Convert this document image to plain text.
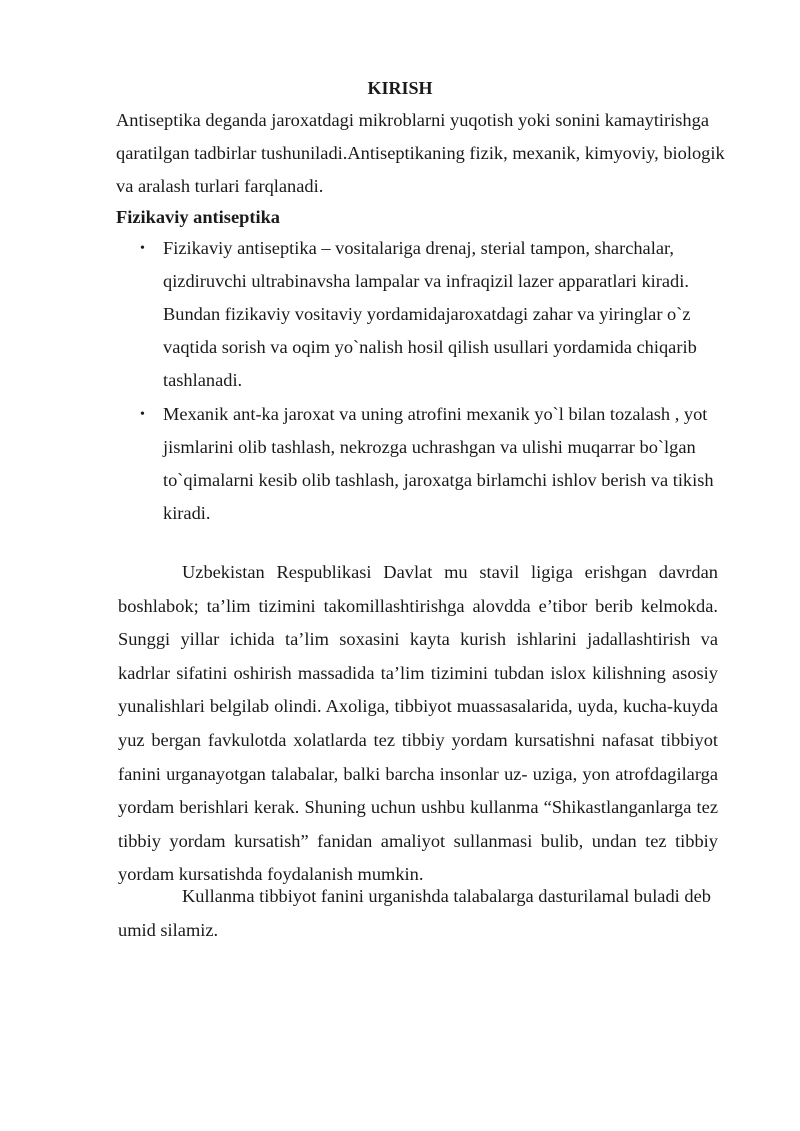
KIRISH

Antiseptika deganda jaroxatdagi mikroblarni yuqotish yoki sonini kamaytirishga qaratilgan tadbirlar tushuniladi.Antiseptikaning fizik, mexanik, kimyoviy, biologik va aralash turlari farqlanadi.

Fizikaviy antiseptika

• Fizikaviy antiseptika – vositalariga drenaj, sterial tampon, sharchalar, qizdiruvchi ultrabinavsha lampalar va infraqizil lazer apparatlari kiradi. Bundan fizikaviy vositaviy yordamidajaroxatdagi zahar va yiringlar o`z vaqtida sorish va oqim yo`nalish hosil qilish usullari yordamida chiqarib tashlanadi.
• Mexanik ant-ka jaroxat va uning atrofini mexanik yo`l bilan tozalash , yot jismlarini olib tashlash, nekrozga uchrashgan va ulishi muqarrar bo`lgan to`qimalarni kesib olib tashlash, jaroxatga birlamchi ishlov berish va tikish kiradi.

Uzbekistan Respublikasi Davlat mu stavil ligiga erishgan davrdan boshlabok; ta’lim tizimini takomillashtirishga alovdda e’tibor berib kelmokda. Sunggi yillar ichida ta’lim soxasini kayta kurish ishlarini jadallashtirish va kadrlar sifatini oshirish massadida ta’lim tizimini tubdan islox kilishning asosiy yunalishlari belgilab olindi. Axoliga, tibbiyot muassasalarida, uyda, kucha-kuyda yuz bergan favkulotda xolatlarda tez tibbiy yordam kursatishni nafasat tibbiyot fanini urganayotgan talabalar, balki barcha insonlar uz- uziga, yon atrofdagilarga yordam berishlari kerak. Shuning uchun ushbu kullanma “Shikastlanganlarga tez tibbiy yordam kursatish” fanidan amaliyot sullanmasi bulib, undan tez tibbiy yordam kursatishda foydalanish mumkin.

Kullanma tibbiyot fanini urganishda talabalarga dasturilamal buladi deb umid silamiz.
